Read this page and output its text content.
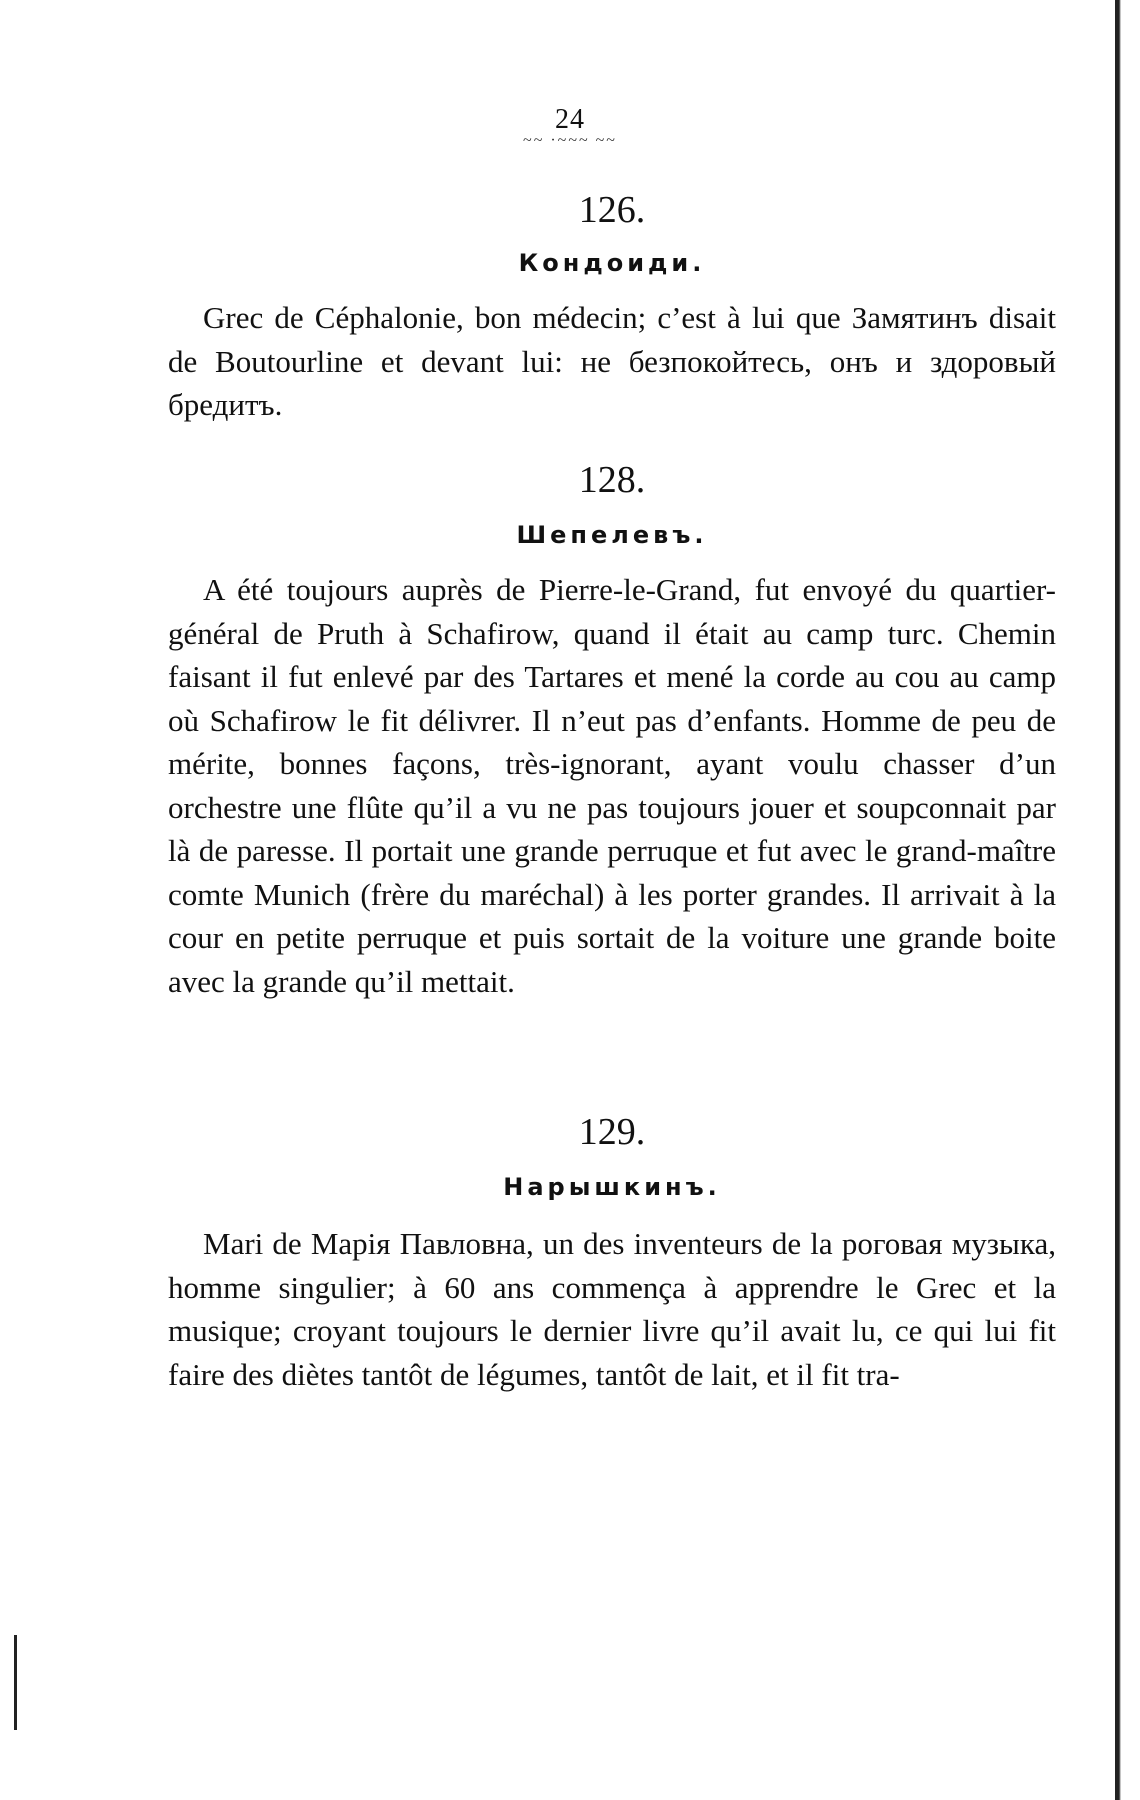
24
~~ ·~~~ ~~

126.

Кондоиди.

Grec de Céphalonie, bon médecin; c’est à lui que Замятинъ disait de Boutourline et devant lui: не безпокойтесь, онъ и здоровый бредитъ.

128.

Шепелевъ.

A été toujours auprès de Pierre-le-Grand, fut envoyé du quartier-général de Pruth à Schafirow, quand il était au camp turc. Chemin faisant il fut enlevé par des Tartares et mené la corde au cou au camp où Schafirow le fit délivrer. Il n’eut pas d’enfants. Homme de peu de mérite, bonnes façons, très-ignorant, ayant voulu chasser d’un orchestre une flûte qu’il a vu ne pas toujours jouer et soupconnait par là de paresse. Il portait une grande perruque et fut avec le grand-maître comte Munich (frère du maréchal) à les porter grandes. Il arrivait à la cour en petite perruque et puis sortait de la voiture une grande boite avec la grande qu’il mettait.

129.

Нарышкинъ.

Mari de Марія Павловна, un des inventeurs de la роговая музыка, homme singulier; à 60 ans commença à apprendre le Grec et la musique; croyant toujours le dernier livre qu’il avait lu, ce qui lui fit faire des diètes tantôt de légumes, tantôt de lait, et il fit tra-
